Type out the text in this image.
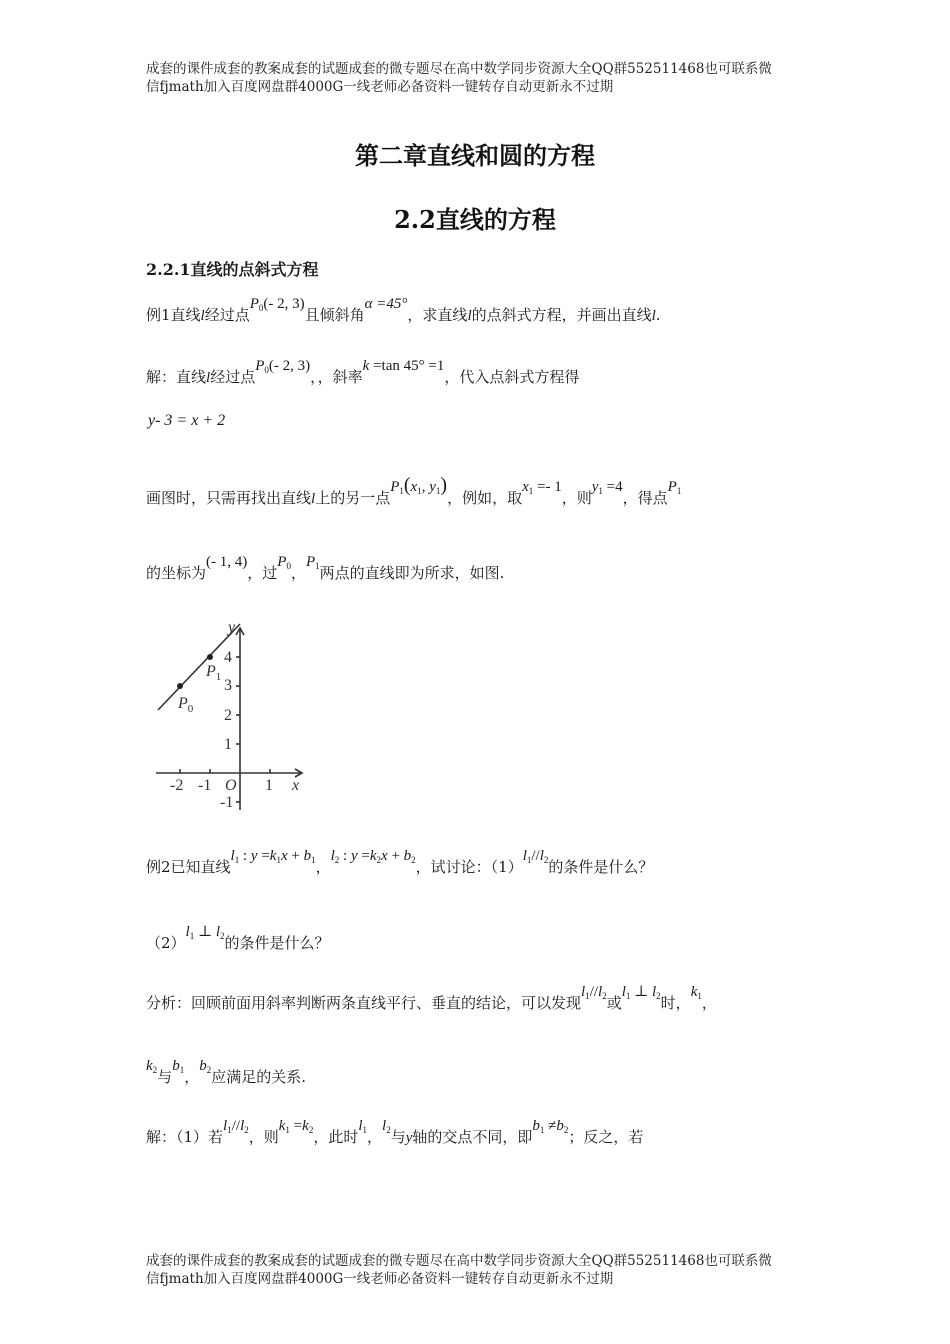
成套的课件成套的教案成套的试题成套的微专题尽在高中数学同步资源大全QQ群552511468也可联系微
信fjmath加入百度网盘群4000G一线老师必备资料一键转存自动更新永不过期
第二章直线和圆的方程
2.2直线的方程
2.2.1直线的点斜式方程
例1直线l经过点$P_0(-$ 2, 3)且倾斜角α =45°，求直线l的点斜式方程，并画出直线l.
解：直线l经过点$P_0(-$ 2, 3)，，斜率k =tan 45° =1，代入点斜式方程得
y- 3 = x + 2
画图时，只需再找出直线l上的另一点$P_1(x_1$, $y_1$)，例如，取$x_1 =- 1$，则$y_1 =4$，得点$P_1$
的坐标为(- 1, 4)，过$P_0$，$P_1$两点的直线即为所求，如图.
y
x
O
-2 -1	1
4
3
2
1
-1
$P_0$
$P_1$
例2已知直线$l_1$ : $y =k_1x + b_1$，$l_2$ : $y =k_2x + b_2$，试讨论：$(1)l_1//l_2$的条件是什么？
$(2)l_1$ ⊥ $l_2$的条件是什么？
分析：回顾前面用斜率判断两条直线平行、垂直的结论，可以发现$l_1//l_2$或$l_1$ ⊥ $l_2$时，$k_1$，
$k_2$与$b_1$，$b_2$应满足的关系.
解：（1）若$l_1//l_2$，则$k_1 =k_2$，此时$l_1$，$l_2$与y轴的交点不同，即$b_1 \ne b_2$；反之，若
成套的课件成套的教案成套的试题成套的微专题尽在高中数学同步资源大全QQ群552511468也可联系微
信fjmath加入百度网盘群4000G一线老师必备资料一键转存自动更新永不过期
